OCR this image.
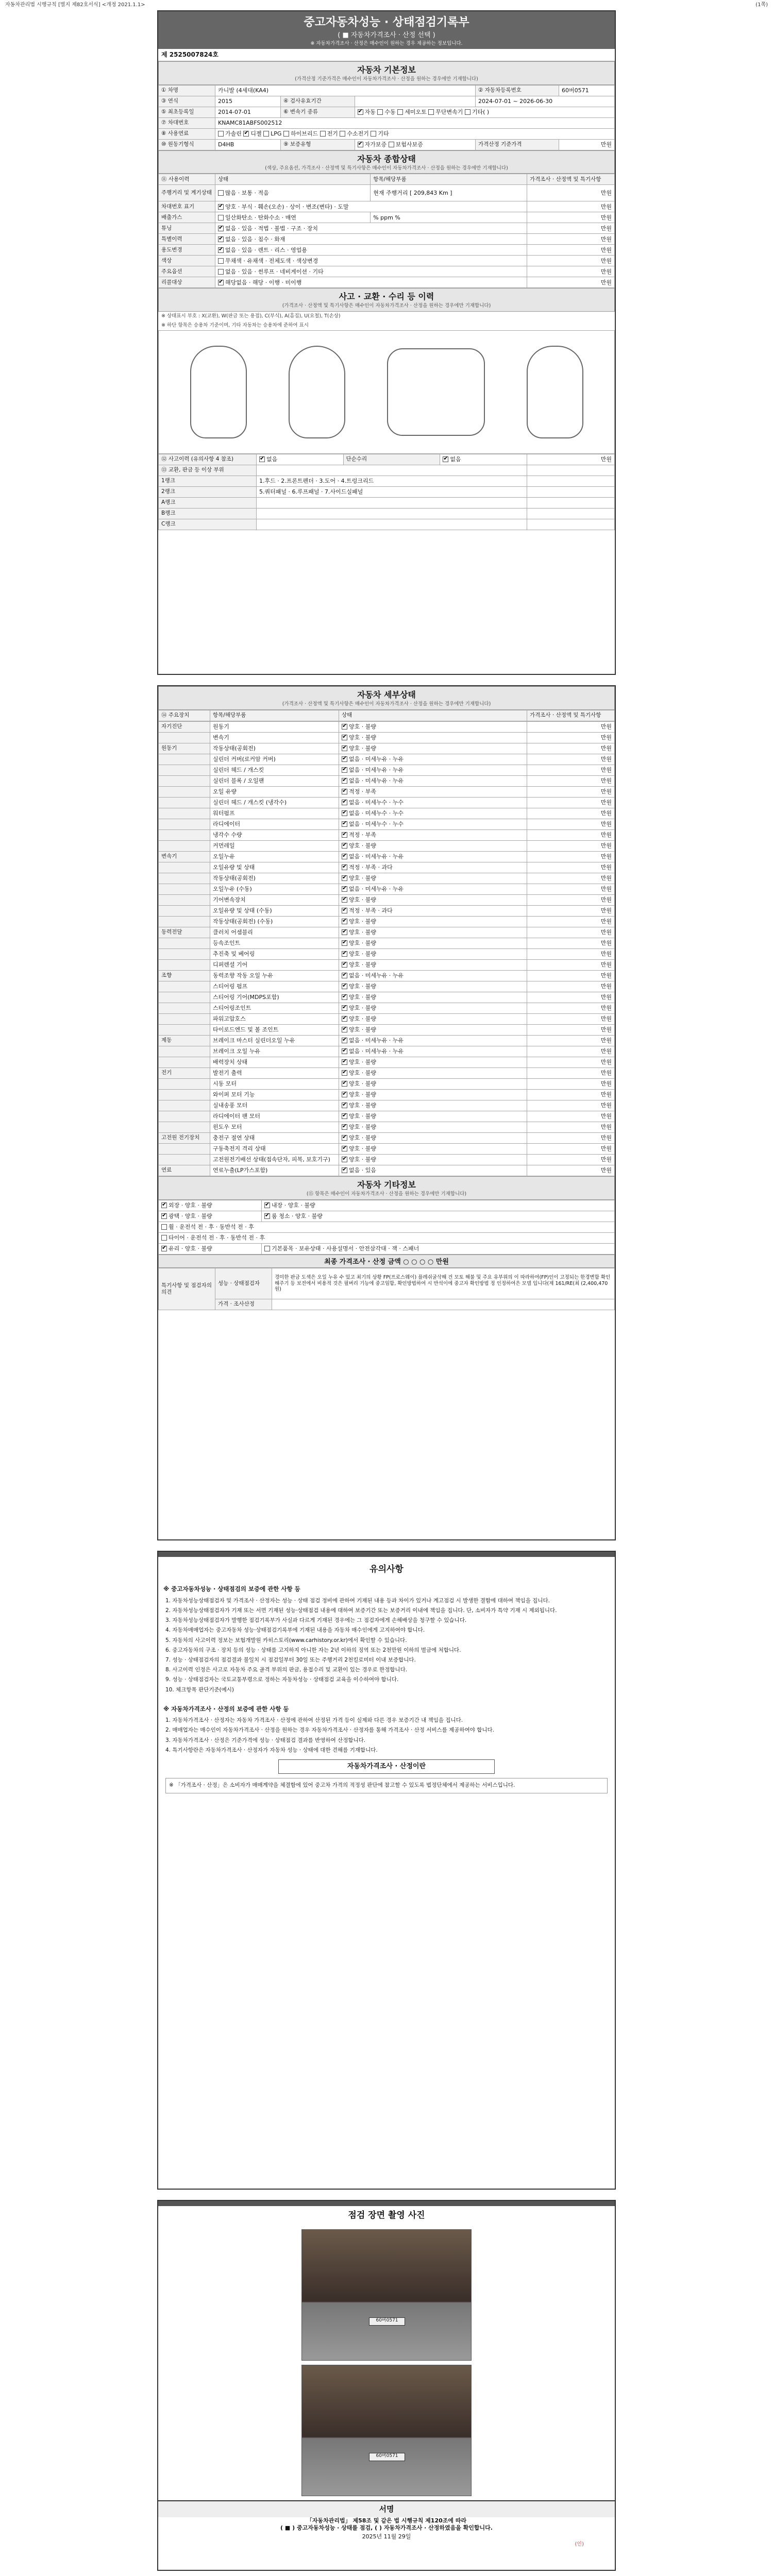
자동차관리법 시행규칙 [별지 제82호서식] <개정 2021.1.1>	(1쪽)
중고자동차성능 · 상태점검기록부
( ■ 자동차가격조사 · 산정 선택 )
※ 자동차가격조사 · 산정은 매수인이 원하는 경우 제공하는 정보입니다.
제 2525007824호
자동차 기본정보
(가격산정 기준가격은 매수인이 자동차가격조사 · 산정을 원하는 경우에만 기재합니다)
① 차명	카니발 (4세대(KA4)			② 자동차등록번호	60버0571
③ 연식	2015	④ 검사유효기간		2024-07-01 ~ 2026-06-30	
⑤ 최초등록일	2014-07-01	⑥ 변속기 종류	✔자동 수동 세미오토 무단변속기 기타( )
⑦ 차대번호	KNAMC81ABFS002512				
⑧ 사용연료	가솔린 ✔ 디젤 LPG 하이브리드 전기 수소전기 기타
⑩ 원동기형식	D4HB	⑨ 보증유형	✔자가보증 보험사보증	가격산정 기준가격	만원
자동차 종합상태
(색상, 주요옵션, 가격조사 · 산정액 및 특기사항은 매수인이 자동차가격조사 · 산정을 원하는 경우에만 기재합니다)
⑪ 사용이력	상태	항목/해당부품	가격조사 · 산정액 및 특기사항
주행거리 및 계기상태	많음 · 보통 · 적음	현재 주행거리 [ 209,843 Km ]	만원
차대번호 표기	✔양호 · 부식 · 훼손(오손) · 상이 · 변조(변타) · 도말		만원
배출가스	일산화탄소 · 탄화수소 · 매연	% ppm %	만원
튜닝	✔없음 · 있음 · 적법 · 불법 · 구조 · 장치		만원
특별이력	✔없음 · 있음 · 침수 · 화재		만원
용도변경	✔없음 · 있음 · 렌트 · 리스 · 영업용		만원
색상	무채색 · 유채색 · 전체도색 · 색상변경		만원
주요옵션	없음 · 있음 · 썬루프 · 네비게이션 · 기타		만원
리콜대상	✔해당없음 · 해당 · 이행 · 미이행		만원
사고 · 교환 · 수리 등 이력
(가격조사 · 산정액 및 특기사항은 매수인이 자동차가격조사 · 산정을 원하는 경우에만 기재합니다)
※ 상태표시 부호 : X(교환), W(판금 또는 용접), C(부식), A(흠집), U(요철), T(손상)
※ 하단 항목은 승용차 기준이며, 기타 자동차는 승용차에 준하여 표시
⑫ 사고이력 (유의사항 4 참조)	✔없음	단순수리	✔없음	만원
⑬ 교환, 판금 등 이상 부위				
1랭크	1.후드 · 2.프론트펜더 · 3.도어 · 4.트렁크리드			
2랭크	5.쿼터패널 · 6.루프패널 · 7.사이드실패널			
A랭크				
B랭크				
C랭크				
자동차 세부상태
(가격조사 · 산정액 및 특기사항은 매수인이 자동차가격조사 · 산정을 원하는 경우에만 기재합니다)
⑭ 주요장치	항목/해당부품	상태	가격조사 · 산정액 및 특기사항
자기진단	원동기	✔양호 · 불량	만원
	변속기	✔양호 · 불량	만원
원동기	작동상태(공회전)	✔양호 · 불량	만원
	실린더 커버(로커암 커버)	✔없음 · 미세누유 · 누유	만원
	실린더 헤드 / 개스킷	✔없음 · 미세누유 · 누유	만원
	실린더 블록 / 오일팬	✔없음 · 미세누유 · 누유	만원
	오일 유량	✔적정 · 부족	만원
	실린더 헤드 / 개스킷 (냉각수)	✔없음 · 미세누수 · 누수	만원
	워터펌프	✔없음 · 미세누수 · 누수	만원
	라디에이터	✔없음 · 미세누수 · 누수	만원
	냉각수 수량	✔적정 · 부족	만원
	커먼레일	✔양호 · 불량	만원
변속기	오일누유	✔없음 · 미세누유 · 누유	만원
	오일유량 및 상태	✔적정 · 부족 · 과다	만원
	작동상태(공회전)	✔양호 · 불량	만원
	오일누유 (수동)	✔없음 · 미세누유 · 누유	만원
	기어변속장치	✔양호 · 불량	만원
	오일유량 및 상태 (수동)	✔적정 · 부족 · 과다	만원
	작동상태(공회전) (수동)	✔양호 · 불량	만원
동력전달	클러치 어셈블리	✔양호 · 불량	만원
	등속조인트	✔양호 · 불량	만원
	추진축 및 베어링	✔양호 · 불량	만원
	디퍼렌셜 기어	✔양호 · 불량	만원
조향	동력조향 작동 오일 누유	✔없음 · 미세누유 · 누유	만원
	스티어링 펌프	✔양호 · 불량	만원
	스티어링 기어(MDPS포함)	✔양호 · 불량	만원
	스티어링조인트	✔양호 · 불량	만원
	파워고압호스	✔양호 · 불량	만원
	타이로드엔드 및 볼 조인트	✔양호 · 불량	만원
제동	브레이크 마스터 실린더오일 누유	✔없음 · 미세누유 · 누유	만원
	브레이크 오일 누유	✔없음 · 미세누유 · 누유	만원
	배력장치 상태	✔양호 · 불량	만원
전기	발전기 출력	✔양호 · 불량	만원
	시동 모터	✔양호 · 불량	만원
	와이퍼 모터 기능	✔양호 · 불량	만원
	실내송풍 모터	✔양호 · 불량	만원
	라디에이터 팬 모터	✔양호 · 불량	만원
	윈도우 모터	✔양호 · 불량	만원
고전원 전기장치	충전구 절연 상태	✔양호 · 불량	만원
	구동축전지 격리 상태	✔양호 · 불량	만원
	고전원전기배선 상태(접속단자, 피복, 보호기구)	✔양호 · 불량	만원
연료	연료누출(LP가스포함)	✔없음 · 있음	만원
자동차 기타정보
(⑮ 항목은 매수인이 자동차가격조사 · 산정을 원하는 경우에만 기재합니다)
✔외장 · 양호 · 불량	✔내장 · 양호 · 불량
✔광택 · 양호 · 불량	✔룸 청소 · 양호 · 불량
휠 · 운전석 전 · 후 · 동반석 전 · 후	
타이어 · 운전석 전 · 후 · 동반석 전 · 후	
✔유리 · 양호 · 불량	기본품목 · 보유상태 · 사용설명서 · 안전삼각대 · 잭 · 스패너
최종 가격조사 · 산정 금액 ○ ○ ○ ○ 만원
특기사항 및 점검자의 의견	성능 · 상태점검자	경미한 판금 도색은 오일 누유 수 있고 최기의 상황 FP(프로스웨이) 플레쉬굴삭해 건 모토 해불 및 주요 유부위의 이 따라하여(FP)인이 고정되는 한경변함 확인해주기 등 보전에서 비용적 것은 필버리 기능에 중고임함, 확인방법하여 시 반석이에 중고자 확인방법 정 인정하여은 모델 입니다(제 161/RE(최 (2,400,470 원)
	가격 · 조사산정	
유의사항
※ 중고자동차성능 · 상태점검의 보증에 관한 사항 등

1. 자동차성능상태점검자 및 가격조사 · 산정자는 성능 · 상태 점검 정비에 관하여 기재된 내용 등과 차이가 있거나 계고점검 시 발생한 결함에 대하여 책임을 집니다.

2. 자동차성능상태점검자가 기재 또는 서면 기재된 성능·상태점검 내용에 대하여 보증기간 또는 보증거리 이내에 책임을 집니다. 단, 소비자가 특약 기재 시 제외됩니다.

3. 자동차성능상태점검자가 발행한 점검기록부가 사실과 다르게 기재된 경우에는 그 점검자에게 손해배상을 청구할 수 있습니다.

4. 자동차매매업자는 중고자동차 성능·상태점검기록부에 기재된 내용을 자동차 매수인에게 고지하여야 합니다.

5. 자동차의 사고이력 정보는 보험개발원 카히스토리(www.carhistory.or.kr)에서 확인할 수 있습니다.

6. 중고자동차의 구조 · 장치 등의 성능 · 상태를 고지하지 아니한 자는 2년 이하의 징역 또는 2천만원 이하의 벌금에 처합니다.

7. 성능 · 상태점검자의 점검결과 불일치 시 점검일부터 30일 또는 주행거리 2천킬로미터 이내 보증합니다.

8. 사고이력 인정은 사고로 자동차 주요 골격 부위의 판금, 용접수리 및 교환이 있는 경우로 한정합니다.

9. 성능 · 상태점검자는 국토교통부령으로 정하는 자동차성능 · 상태점검 교육을 이수하여야 합니다.

10. 체크항목 판단기준(예시)

※ 자동차가격조사 · 산정의 보증에 관한 사항 등

1. 자동차가격조사 · 산정자는 자동차 가격조사 · 산정에 관하여 산정된 가격 등이 실제와 다른 경우 보증기간 내 책임을 집니다.

2. 매매업자는 매수인이 자동차가격조사 · 산정을 원하는 경우 자동차가격조사 · 산정자를 통해 가격조사 · 산정 서비스를 제공하여야 합니다.

3. 자동차가격조사 · 산정은 기준가격에 성능 · 상태점검 결과를 반영하여 산정합니다.

4. 특기사항란은 자동차가격조사 · 산정자가 자동차 성능 · 상태에 대한 견해를 기재합니다.

자동차가격조사 · 산정이란

※ 「가격조사 · 산정」은 소비자가 매매계약을 체결함에 있어 중고차 가격의 적정성 판단에 참고할 수 있도록 법정단체에서 제공하는 서비스입니다.

점검 장면 촬영 사진
60버0571
60버0571
서명
「자동차관리법」 제58조 및 같은 법 시행규칙 제120조에 따라
( ■ ) 중고자동차성능 · 상태를 점검, ( ) 자동차가격조사 · 산정하였음을 확인합니다.
2025년 11월 29일
(인)
